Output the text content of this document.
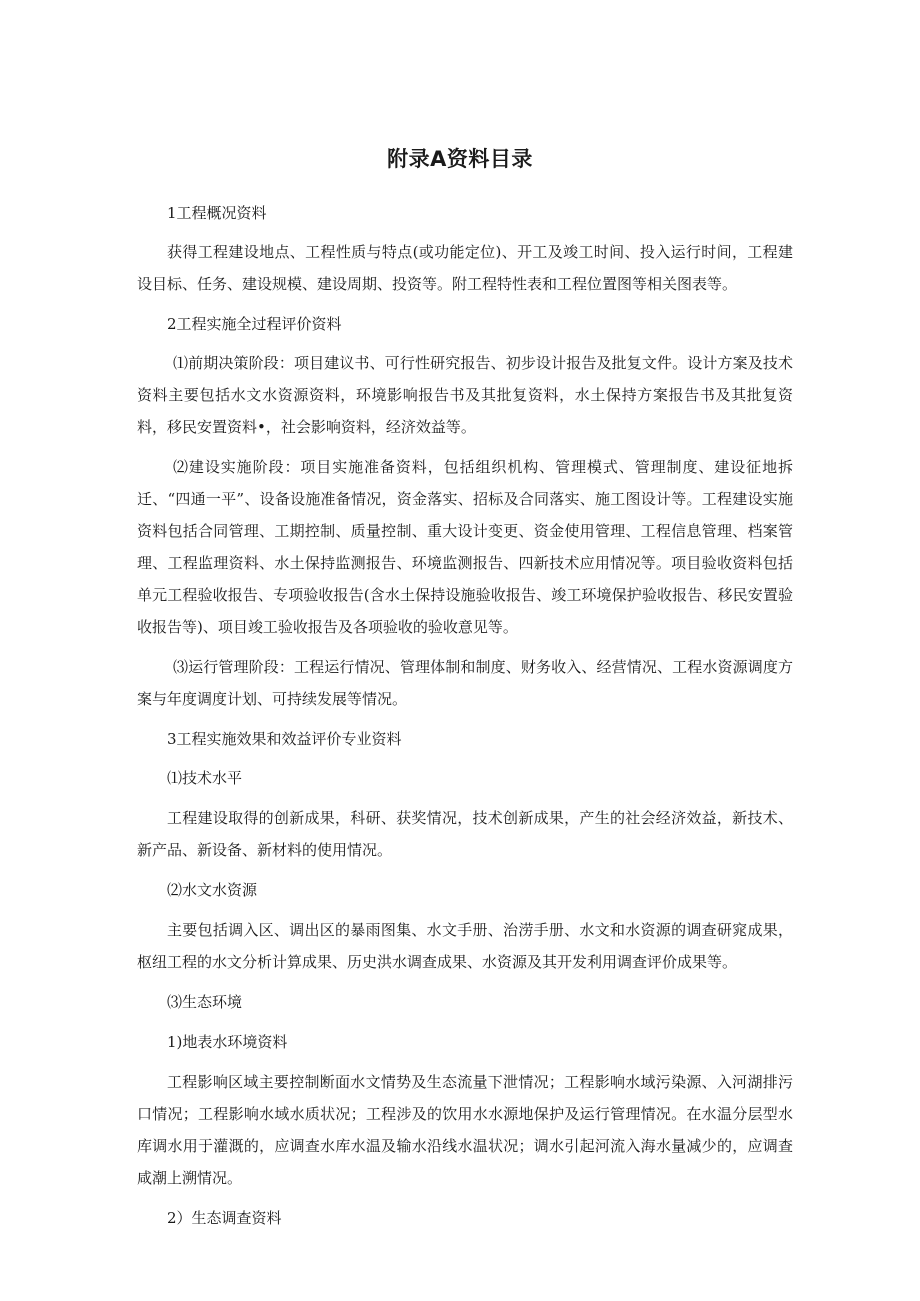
附录A资料目录

1工程概况资料

获得工程建设地点、工程性质与特点(或功能定位)、开工及竣工时间、投入运行时间，工程建设目标、任务、建设规模、建设周期、投资等。附工程特性表和工程位置图等相关图表等。

2工程实施全过程评价资料

⑴前期决策阶段：项目建议书、可行性研究报告、初步设计报告及批复文件。设计方案及技术资料主要包括水文水资源资料，环境影响报告书及其批复资料，水土保持方案报告书及其批复资料，移民安置资料•，社会影响资料，经济效益等。

⑵建设实施阶段：项目实施准备资料，包括组织机构、管理模式、管理制度、建设征地拆迁、“四通一平”、设备设施准备情况，资金落实、招标及合同落实、施工图设计等。工程建设实施资料包括合同管理、工期控制、质量控制、重大设计变更、资金使用管理、工程信息管理、档案管理、工程监理资料、水土保持监测报告、环境监测报告、四新技术应用情况等。项目验收资料包括单元工程验收报告、专项验收报告(含水土保持设施验收报告、竣工环境保护验收报告、移民安置验收报告等)、项目竣工验收报告及各项验收的验收意见等。

⑶运行管理阶段：工程运行情况、管理体制和制度、财务收入、经营情况、工程水资源调度方案与年度调度计划、可持续发展等情况。

3工程实施效果和效益评价专业资料

⑴技术水平

工程建设取得的创新成果，科研、获奖情况，技术创新成果，产生的社会经济效益，新技术、新产品、新设备、新材料的使用情况。

⑵水文水资源

主要包括调入区、调出区的暴雨图集、水文手册、治涝手册、水文和水资源的调查研窕成果，枢纽工程的水文分析计算成果、历史洪水调查成果、水资源及其开发利用调查评价成果等。

⑶生态环境

1)地表水环境资料

工程影响区域主要控制断面水文情势及生态流量下泄情况；工程影响水域污染源、入河湖排污口情况；工程影响水域水质状况；工程涉及的饮用水水源地保护及运行管理情况。在水温分层型水库调水用于灌溉的，应调查水库水温及输水沿线水温状况；调水引起河流入海水量减少的，应调查咸潮上溯情况。

2）生态调查资料
